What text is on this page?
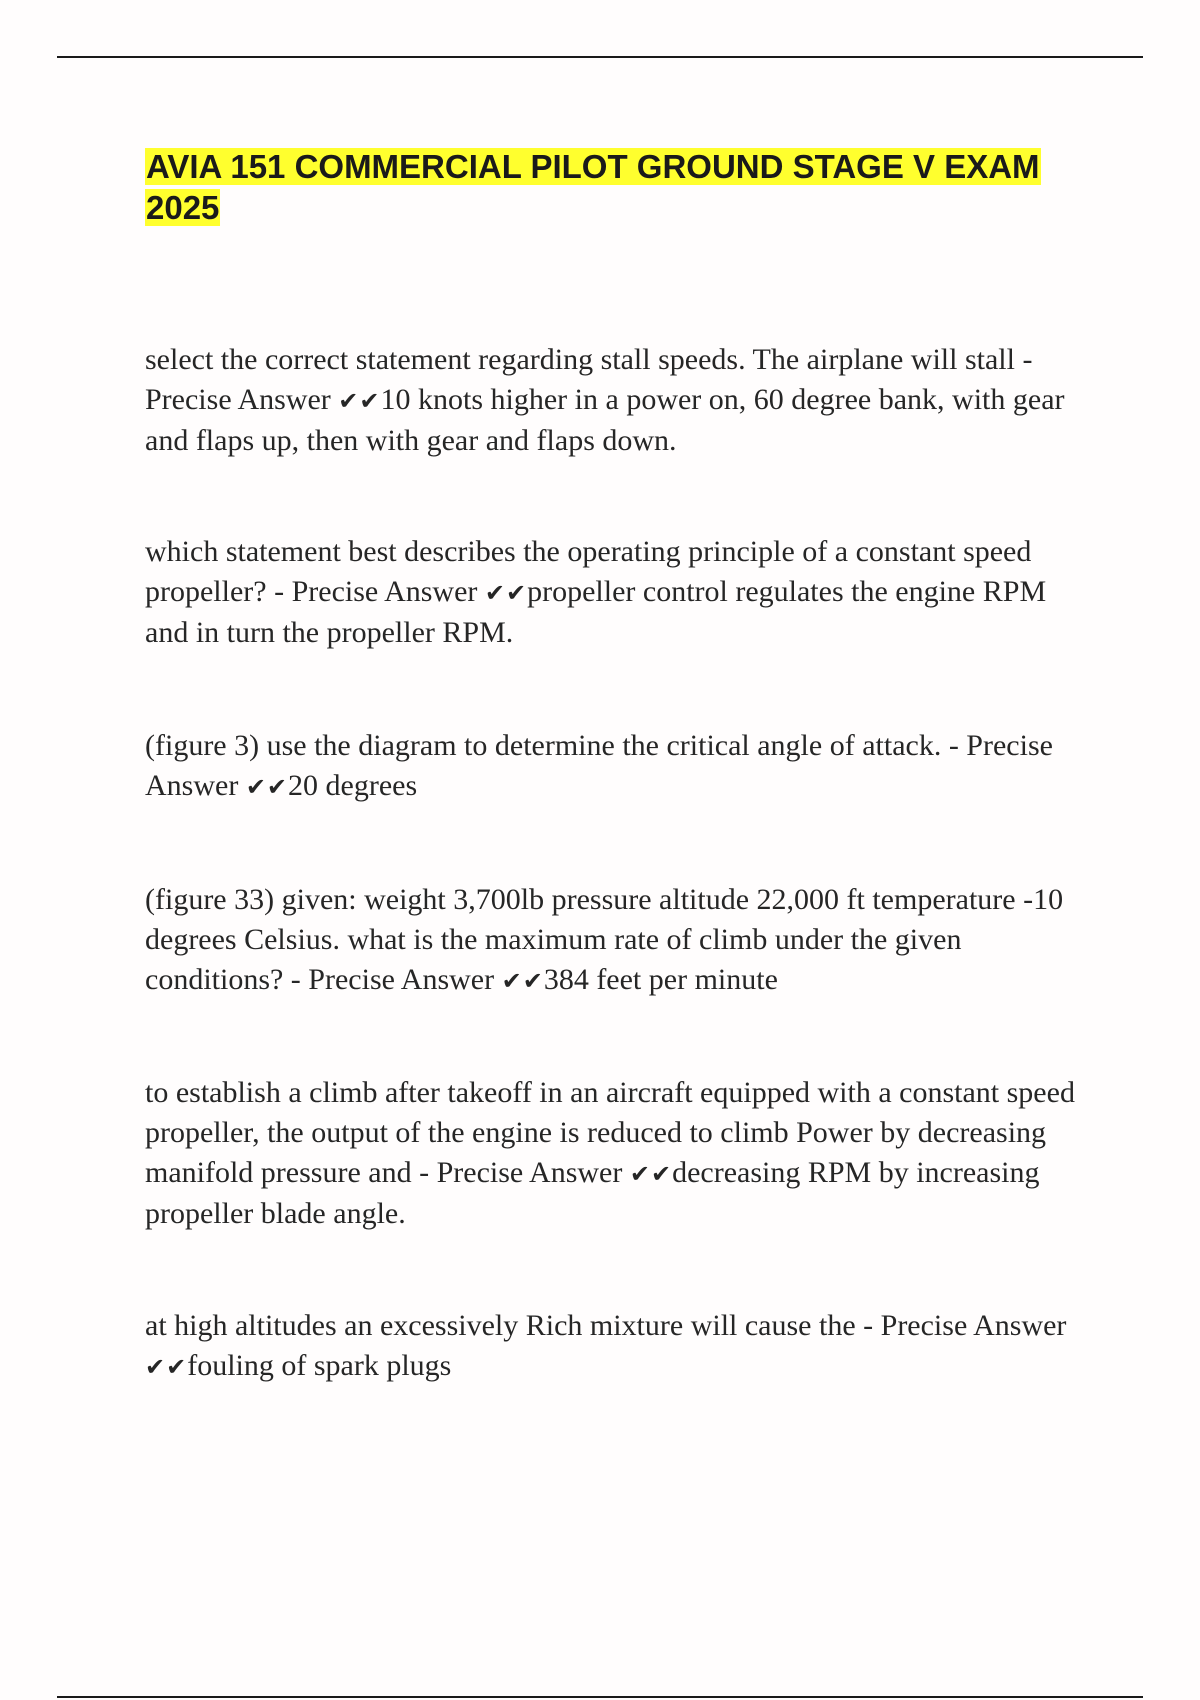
AVIA 151 COMMERCIAL PILOT GROUND STAGE V EXAM 2025

select the correct statement regarding stall speeds. The airplane will stall - Precise Answer ✔✔10 knots higher in a power on, 60 degree bank, with gear and flaps up, then with gear and flaps down.

which statement best describes the operating principle of a constant speed propeller? - Precise Answer ✔✔propeller control regulates the engine RPM and in turn the propeller RPM.

(figure 3) use the diagram to determine the critical angle of attack. - Precise Answer ✔✔20 degrees

(figure 33) given: weight 3,700lb pressure altitude 22,000 ft temperature -10 degrees Celsius. what is the maximum rate of climb under the given conditions? - Precise Answer ✔✔384 feet per minute

to establish a climb after takeoff in an aircraft equipped with a constant speed propeller, the output of the engine is reduced to climb Power by decreasing manifold pressure and - Precise Answer ✔✔decreasing RPM by increasing propeller blade angle.

at high altitudes an excessively Rich mixture will cause the - Precise Answer ✔✔fouling of spark plugs
